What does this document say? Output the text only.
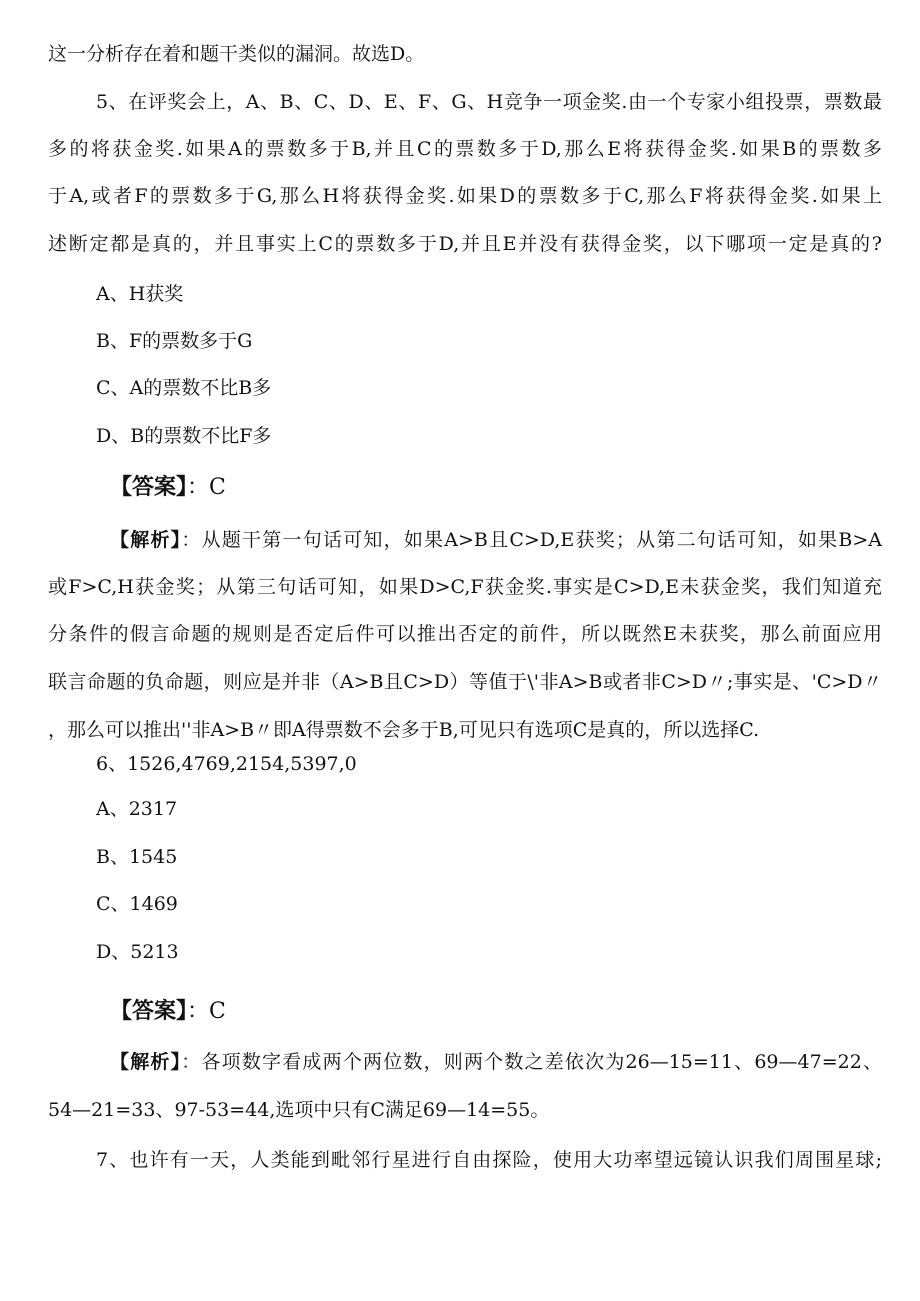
这一分析存在着和题干类似的漏洞。故选D。
5、在评奖会上，A、B、C、D、E、F、G、H竞争一项金奖.由一个专家小组投票，票数最
多的将获金奖.如果A的票数多于B,并且C的票数多于D,那么E将获得金奖.如果B的票数多
于A,或者F的票数多于G,那么H将获得金奖.如果D的票数多于C,那么F将获得金奖.如果上
述断定都是真的，并且事实上C的票数多于D,并且E并没有获得金奖，以下哪项一定是真的?
A、H获奖
B、F的票数多于G
C、A的票数不比B多
D、B的票数不比F多
【答案】：C
【解析】：从题干第一句话可知，如果A>B且C>D,E获奖；从第二句话可知，如果B>A
或F>C,H获金奖；从第三句话可知，如果D>C,F获金奖.事实是C>D,E未获金奖，我们知道充
分条件的假言命题的规则是否定后件可以推出否定的前件，所以既然E未获奖，那么前面应用
联言命题的负命题，则应是并非（A>B且C>D）等值于\'非A>B或者非C>D〃;事实是、'C>D〃
，那么可以推出''非A>B〃即A得票数不会多于B,可见只有选项C是真的，所以选择C.
6、1526,4769,2154,5397,0
A、2317
B、1545
C、1469
D、5213
【答案】：C
【解析】：各项数字看成两个两位数，则两个数之差依次为26—15=11、69—47=22、
54—21=33、97-53=44,选项中只有C满足69—14=55。
7、也许有一天，人类能到毗邻行星进行自由探险，使用大功率望远镜认识我们周围星球;
